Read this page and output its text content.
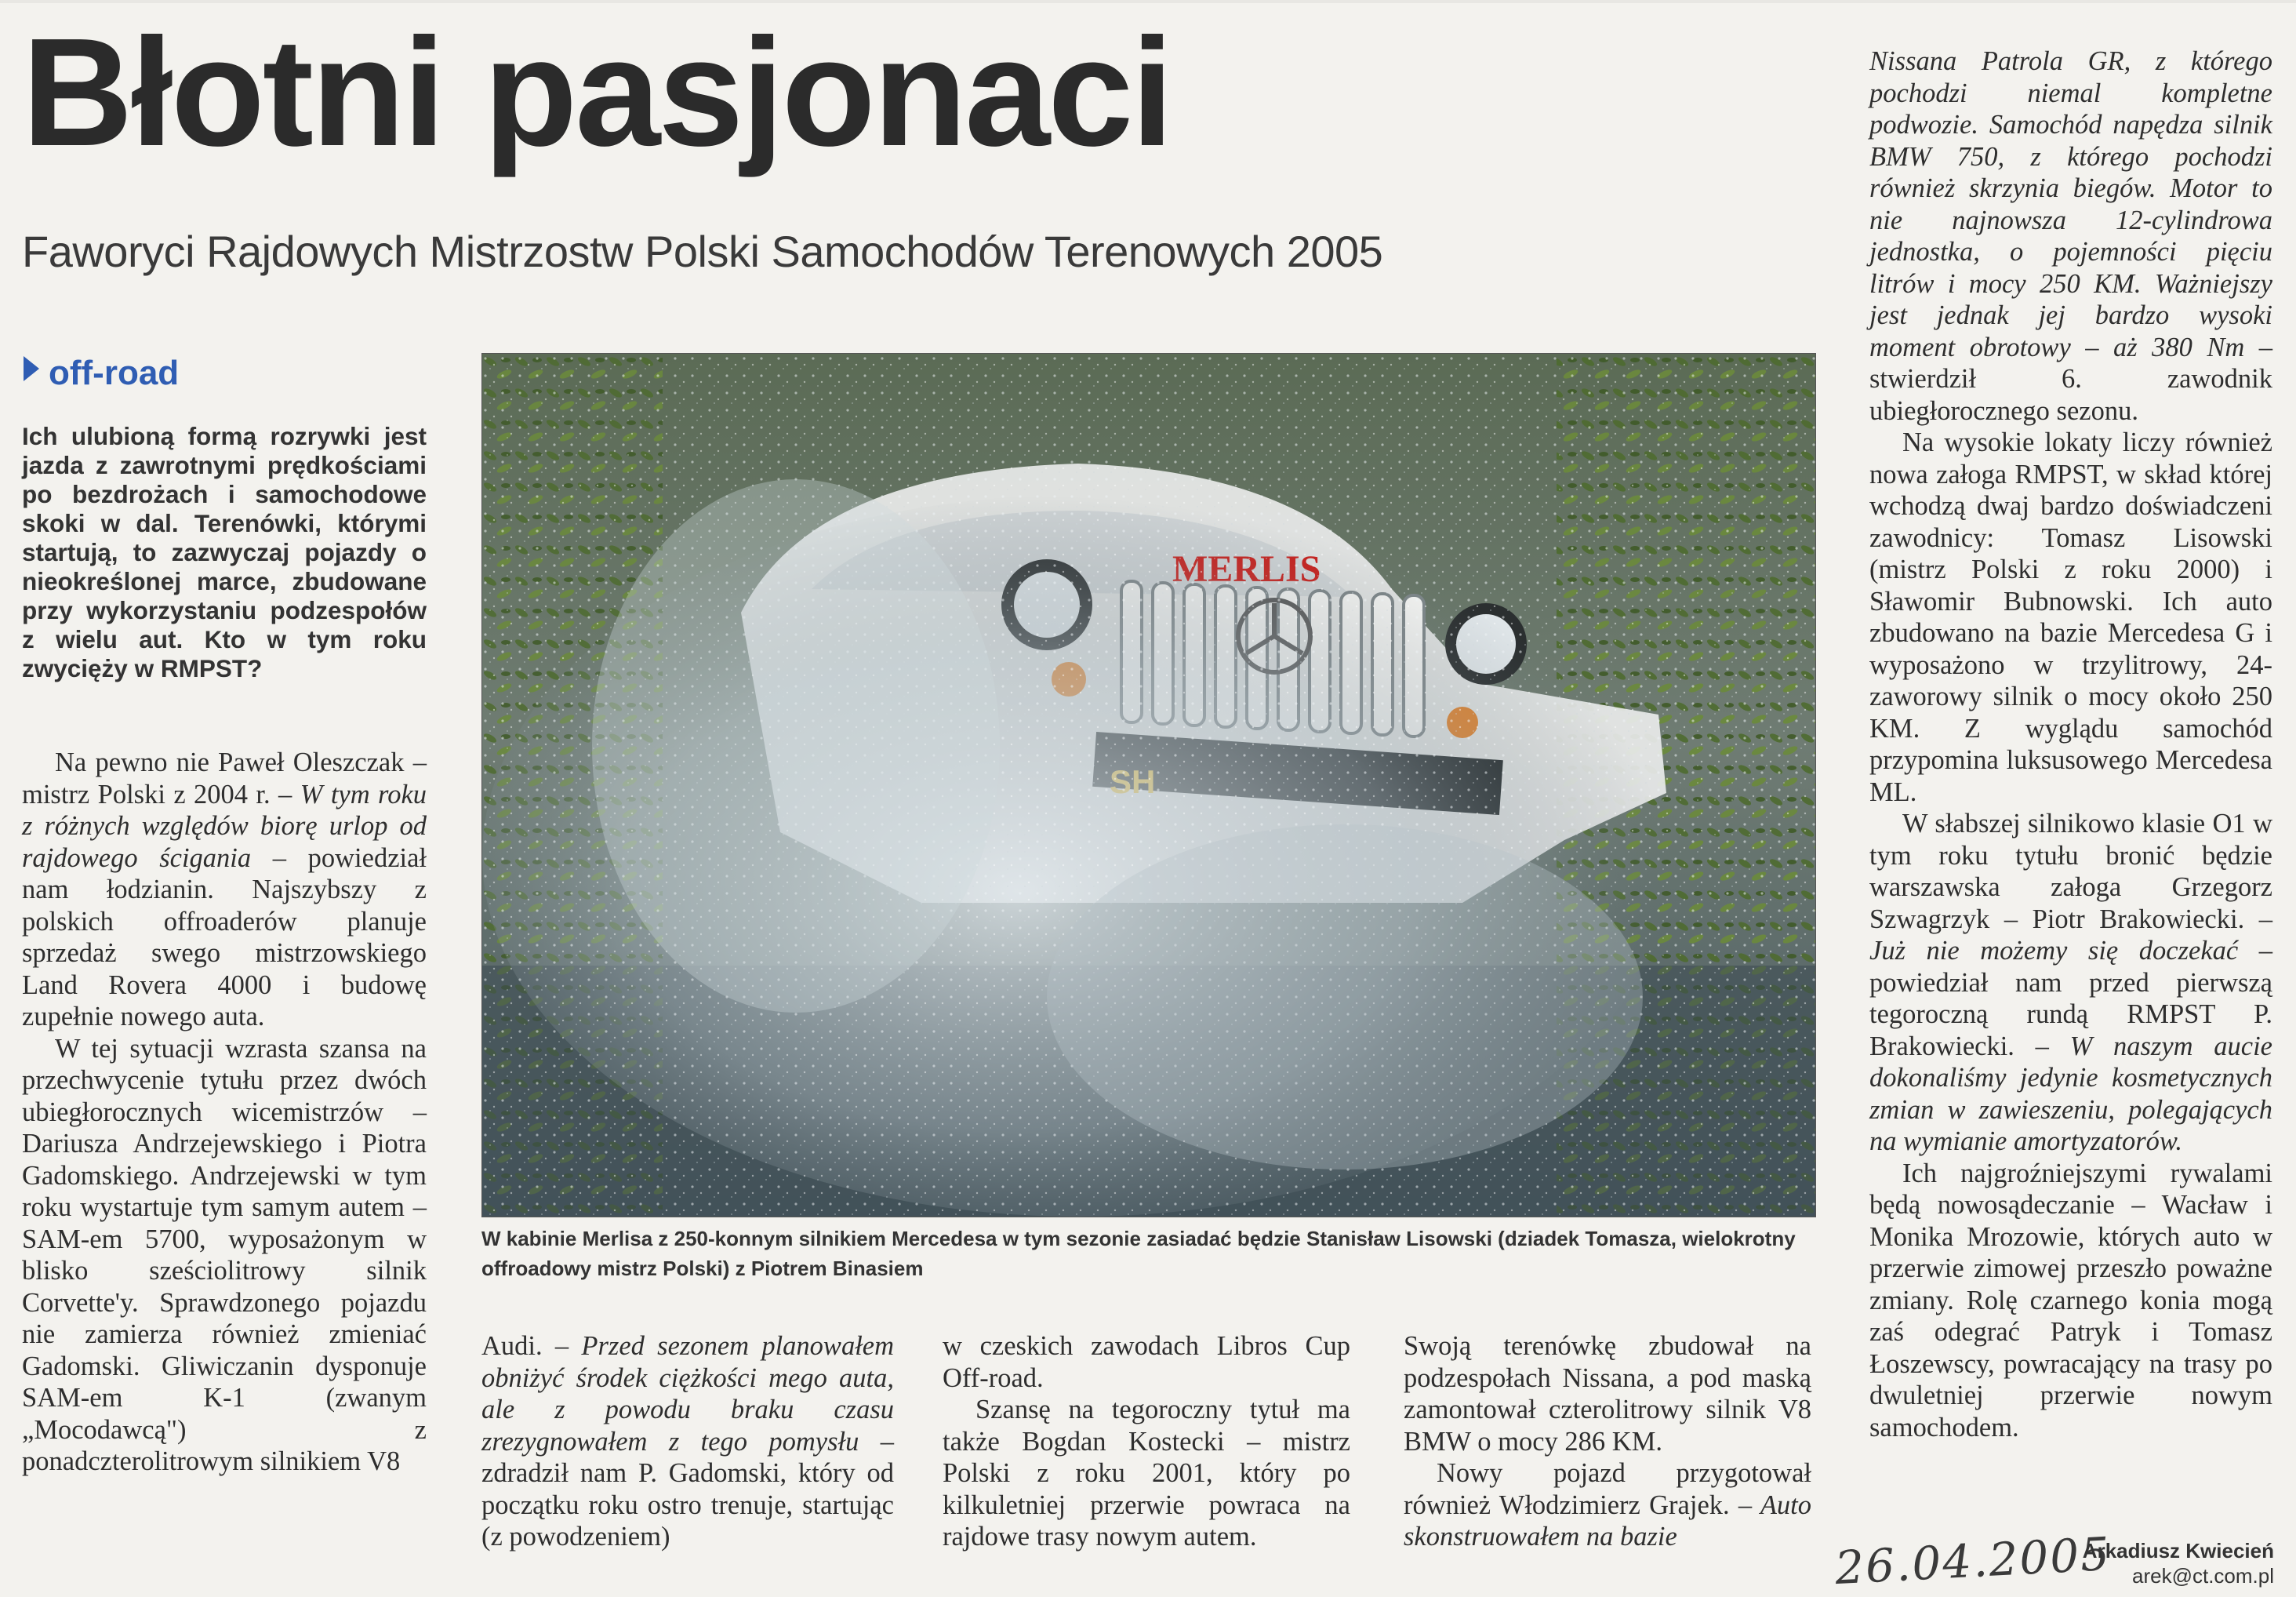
Błotni pasjonaci
Faworyci Rajdowych Mistrzostw Polski Samochodów Terenowych 2005
off-road

Ich ulubioną formą rozrywki jest jazda z zawrotnymi prędkościami po bezdrożach i samochodowe skoki w dal. Terenówki, którymi startują, to zazwyczaj pojazdy o nieokreślonej marce, zbudowane przy wykorzystaniu podzespołów z wielu aut. Kto w tym roku zwycięży w RMPST?

Na pewno nie Paweł Oleszczak – mistrz Polski z 2004 r. – W tym roku z różnych względów biorę urlop od rajdowego ścigania – powiedział nam łodzianin. Najszybszy z polskich offroaderów planuje sprzedaż swego mistrzowskiego Land Rovera 4000 i budowę zupełnie nowego auta.

W tej sytuacji wzrasta szansa na przechwycenie tytułu przez dwóch ubiegłorocznych wicemistrzów – Dariusza Andrzejewskiego i Piotra Gadomskiego. Andrzejewski w tym roku wystartuje tym samym autem – SAM-em 5700, wyposażonym w blisko sześciolitrowy silnik Corvette'y. Sprawdzonego pojazdu nie zamierza również zmieniać Gadomski. Gliwiczanin dysponuje SAM-em K-1 (zwanym „Mocodawcą") z ponadczterolitrowym silnikiem V8

W kabinie Merlisa z 250-konnym silnikiem Mercedesa w tym sezonie zasiadać będzie Stanisław Lisowski (dziadek Tomasza, wielokrotny offroadowy mistrz Polski) z Piotrem Binasiem

Audi. – Przed sezonem planowałem obniżyć środek ciężkości mego auta, ale z powodu braku czasu zrezygnowałem z tego pomysłu – zdradził nam P. Gadomski, który od początku roku ostro trenuje, startując (z powodzeniem)

w czeskich zawodach Libros Cup Off-road.

Szansę na tegoroczny tytuł ma także Bogdan Kostecki – mistrz Polski z roku 2001, który po kilkuletniej przerwie powraca na rajdowe trasy nowym autem.

Swoją terenówkę zbudował na podzespołach Nissana, a pod maską zamontował czterolitrowy silnik V8 BMW o mocy 286 KM.

Nowy pojazd przygotował również Włodzimierz Grajek. – Auto skonstruowałem na bazie

Nissana Patrola GR, z którego pochodzi niemal kompletne podwozie. Samochód napędza silnik BMW 750, z którego pochodzi również skrzynia biegów. Motor to nie najnowsza 12-cylindrowa jednostka, o pojemności pięciu litrów i mocy 250 KM. Ważniejszy jest jednak jej bardzo wysoki moment obrotowy – aż 380 Nm – stwierdził 6. zawodnik ubiegłorocznego sezonu.

Na wysokie lokaty liczy również nowa załoga RMPST, w skład której wchodzą dwaj bardzo doświadczeni zawodnicy: Tomasz Lisowski (mistrz Polski z roku 2000) i Sławomir Bubnowski. Ich auto zbudowano na bazie Mercedesa G i wyposażono w trzylitrowy, 24-zaworowy silnik o mocy około 250 KM. Z wyglądu samochód przypomina luksusowego Mercedesa ML.

W słabszej silnikowo klasie O1 w tym roku tytułu bronić będzie warszawska załoga Grzegorz Szwagrzyk – Piotr Brakowiecki. – Już nie możemy się doczekać – powiedział nam przed pierwszą tegoroczną rundą RMPST P. Brakowiecki. – W naszym aucie dokonaliśmy jedynie kosmetycznych zmian w zawieszeniu, polegających na wymianie amortyzatorów.

Ich najgroźniejszymi rywalami będą nowosądeczanie – Wacław i Monika Mrozowie, których auto w przerwie zimowej przeszło poważne zmiany. Rolę czarnego konia mogą zaś odegrać Patryk i Tomasz Łoszewscy, powracający na trasy po dwuletniej przerwie nowym samochodem.

26.04.2005
Arkadiusz Kwiecień
arek@ct.com.pl
